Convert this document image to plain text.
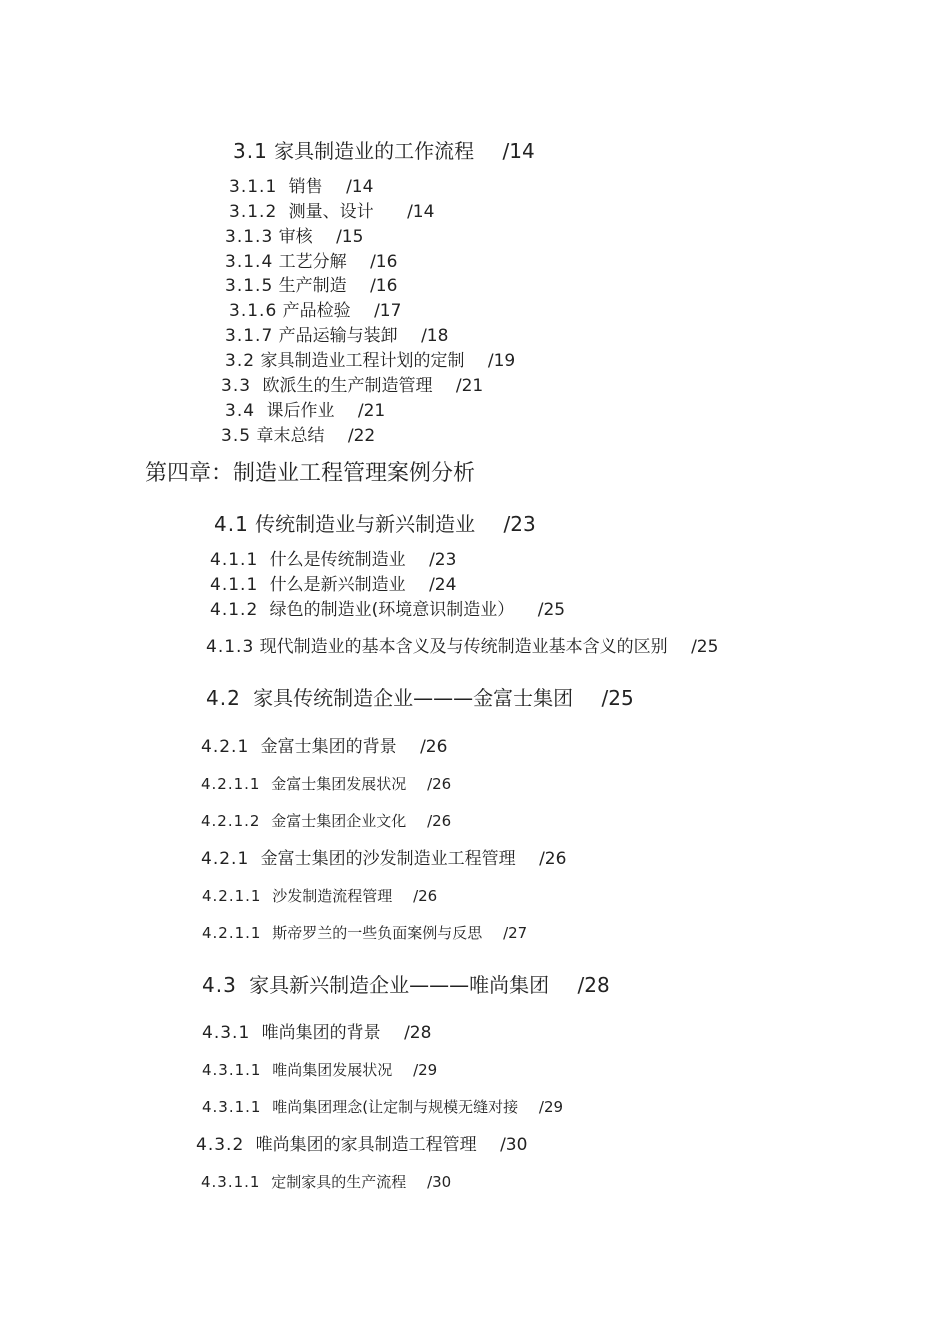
3.1 家具制造业的工作流程 /14
3.1.1 销售 /14
3.1.2 测量、设计 /14
3.1.3 审核 /15
3.1.4 工艺分解 /16
3.1.5 生产制造 /16
3.1.6 产品检验 /17
3.1.7 产品运输与装卸 /18
3.2 家具制造业工程计划的定制 /19
3.3 欧派生的生产制造管理 /21
3.4 课后作业 /21
3.5 章末总结 /22
第四章：制造业工程管理案例分析
4.1 传统制造业与新兴制造业 /23
4.1.1 什么是传统制造业 /23
4.1.1 什么是新兴制造业 /24
4.1.2 绿色的制造业(环境意识制造业） /25
4.1.3 现代制造业的基本含义及与传统制造业基本含义的区别 /25
4.2 家具传统制造企业———金富士集团 /25
4.2.1 金富士集团的背景 /26
4.2.1.1 金富士集团发展状况 /26
4.2.1.2 金富士集团企业文化 /26
4.2.1 金富士集团的沙发制造业工程管理 /26
4.2.1.1 沙发制造流程管理 /26
4.2.1.1 斯帝罗兰的一些负面案例与反思 /27
4.3 家具新兴制造企业———唯尚集团 /28
4.3.1 唯尚集团的背景 /28
4.3.1.1 唯尚集团发展状况 /29
4.3.1.1 唯尚集团理念(让定制与规模无缝对接 /29
4.3.2 唯尚集团的家具制造工程管理 /30
4.3.1.1 定制家具的生产流程 /30
